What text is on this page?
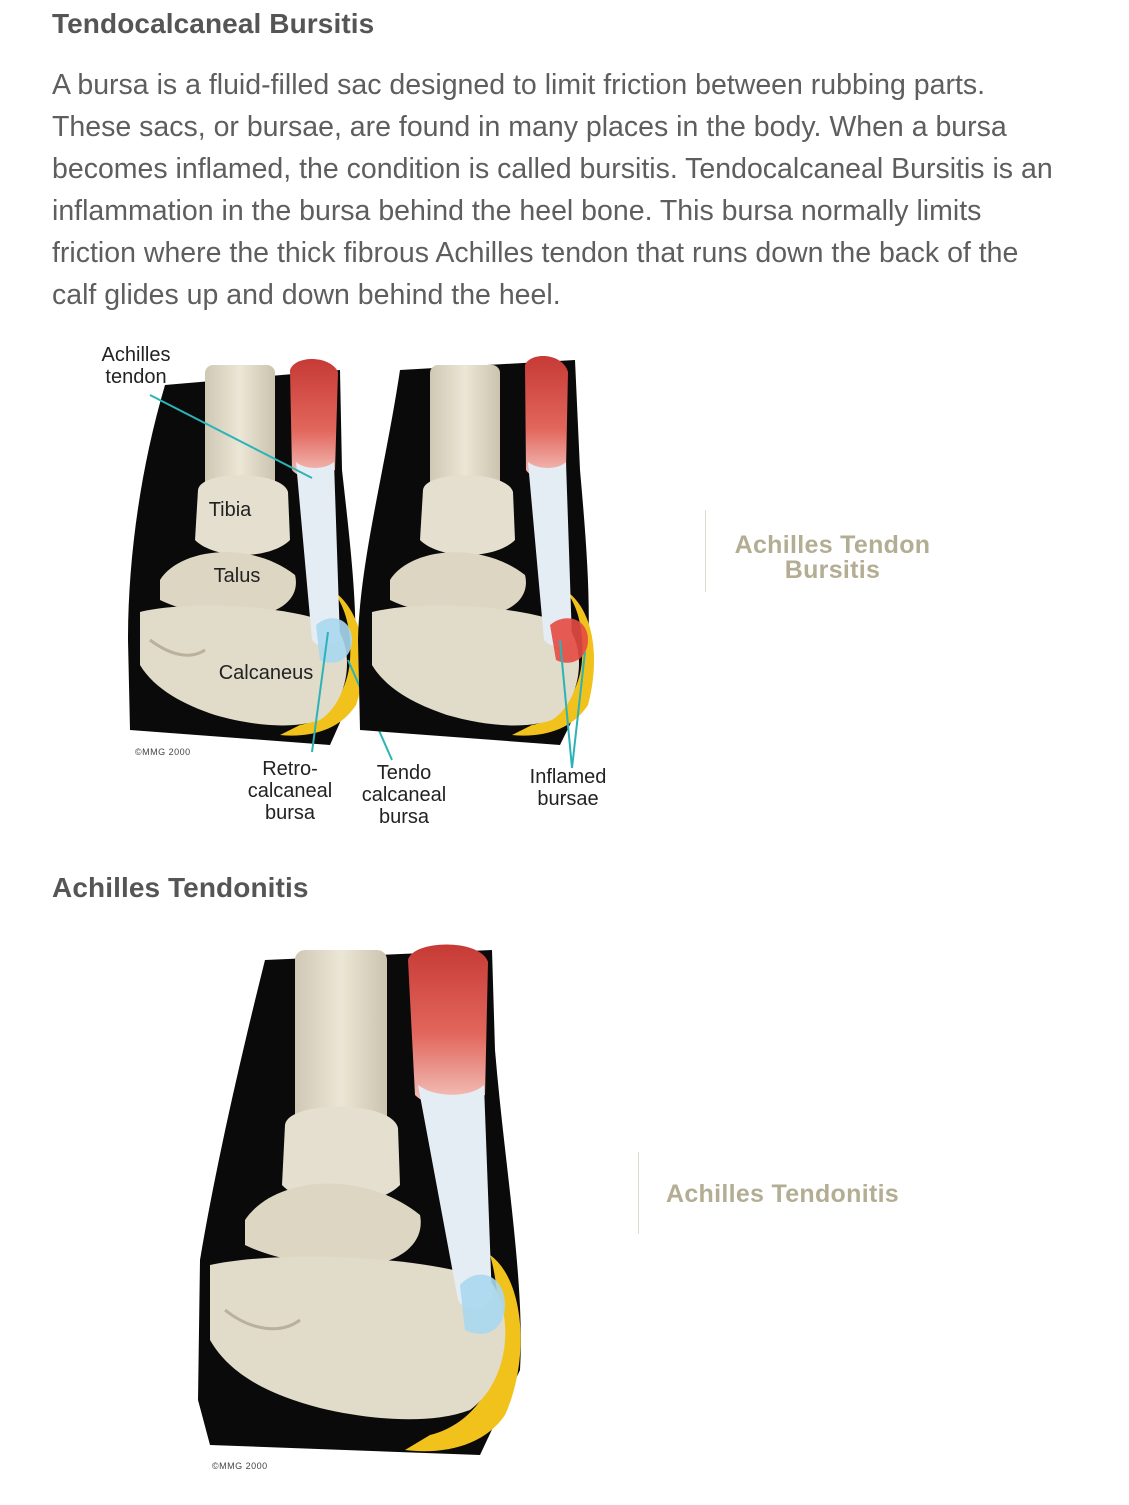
Tendocalcaneal Bursitis

A bursa is a fluid-filled sac designed to limit friction between rubbing parts.
These sacs, or bursae, are found in many places in the body. When a bursa
becomes inflamed, the condition is called bursitis. Tendocalcaneal Bursitis is an
inflammation in the bursa behind the heel bone. This bursa normally limits
friction where the thick fibrous Achilles tendon that runs down the back of the
calf glides up and down behind the heel.

Achilles
tendon
Tibia
Talus
Calcaneus
Retro-
calcaneal
bursa
Tendo
calcaneal
bursa
Inflamed
bursae
©MMG 2000
Achilles Tendon
Bursitis
Achilles Tendonitis
©MMG 2000
Achilles Tendonitis
